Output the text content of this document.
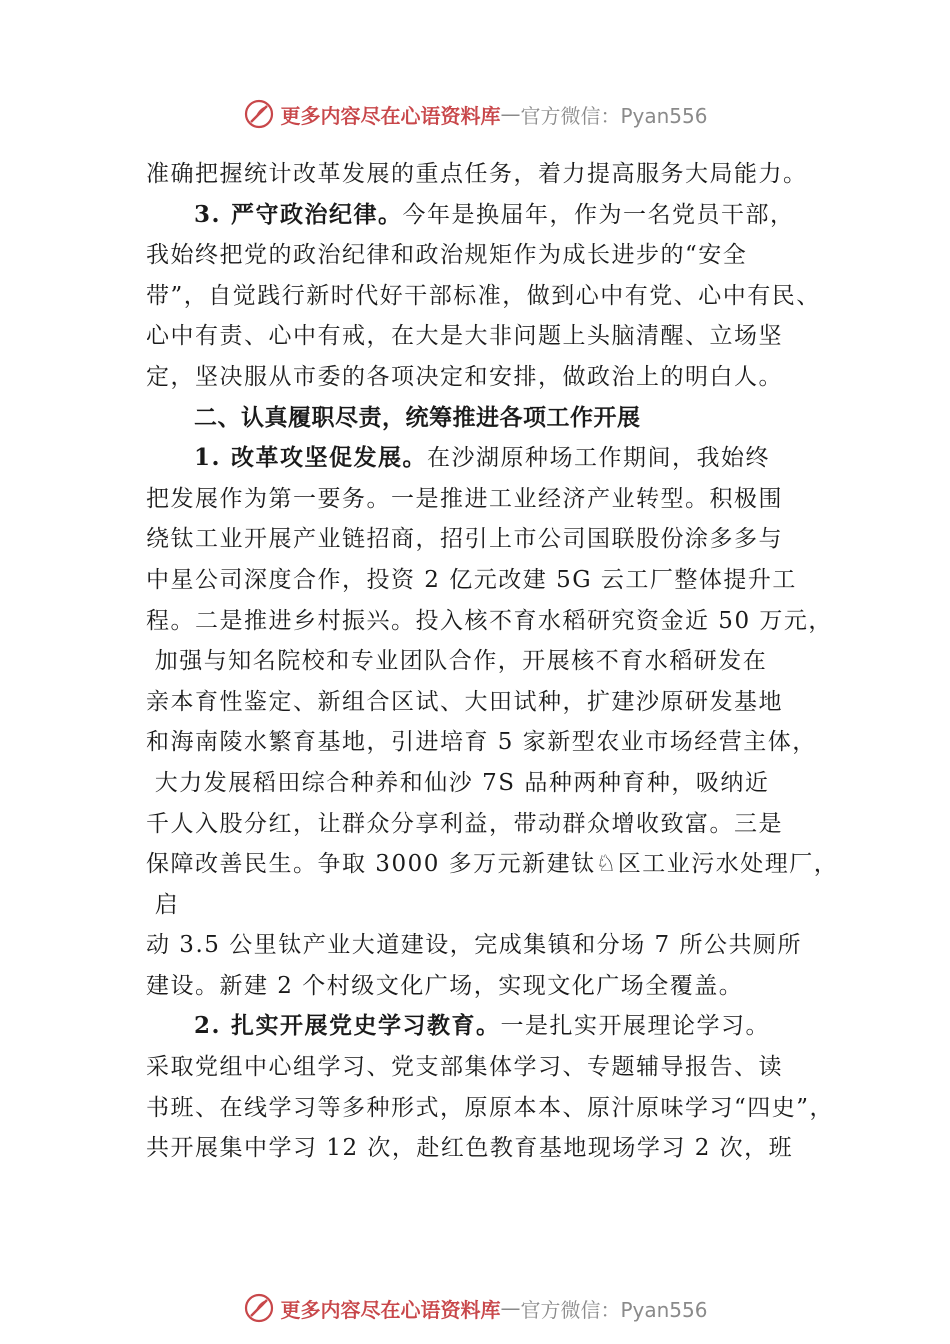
更多内容尽在心语资料库 — 官方微信：Pyan556
准确把握统计改革发展的重点任务，着力提高服务大局能力。
3. 严守政治纪律。今年是换届年，作为一名党员干部，
我始终把党的政治纪律和政治规矩作为成长进步的“安全
带”，自觉践行新时代好干部标准，做到心中有党、心中有民、
心中有责、心中有戒，在大是大非问题上头脑清醒、立场坚
定，坚决服从市委的各项决定和安排，做政治上的明白人。
二、认真履职尽责，统筹推进各项工作开展
1. 改革攻坚促发展。在沙湖原种场工作期间，我始终
把发展作为第一要务。一是推进工业经济产业转型。积极围
绕钛工业开展产业链招商，招引上市公司国联股份涂多多与
中星公司深度合作，投资 2 亿元改建 5G 云工厂整体提升工
程。二是推进乡村振兴。投入核不育水稻研究资金近 50 万元，
加强与知名院校和专业团队合作，开展核不育水稻研发在
亲本育性鉴定、新组合区试、大田试种，扩建沙原研发基地
和海南陵水繁育基地，引进培育 5 家新型农业市场经营主体，
大力发展稻田综合种养和仙沙 7S 品种两种育种，吸纳近
千人入股分红，让群众分享利益，带动群众增收致富。三是
保障改善民生。争取 3000 多万元新建钛♘区工业污水处理厂，
启
动 3.5 公里钛产业大道建设，完成集镇和分场 7 所公共厕所
建设。新建 2 个村级文化广场，实现文化广场全覆盖。
2. 扎实开展党史学习教育。一是扎实开展理论学习。
采取党组中心组学习、党支部集体学习、专题辅导报告、读
书班、在线学习等多种形式，原原本本、原汁原味学习“四史”，
共开展集中学习 12 次，赴红色教育基地现场学习 2 次，班
更多内容尽在心语资料库 — 官方微信：Pyan556
